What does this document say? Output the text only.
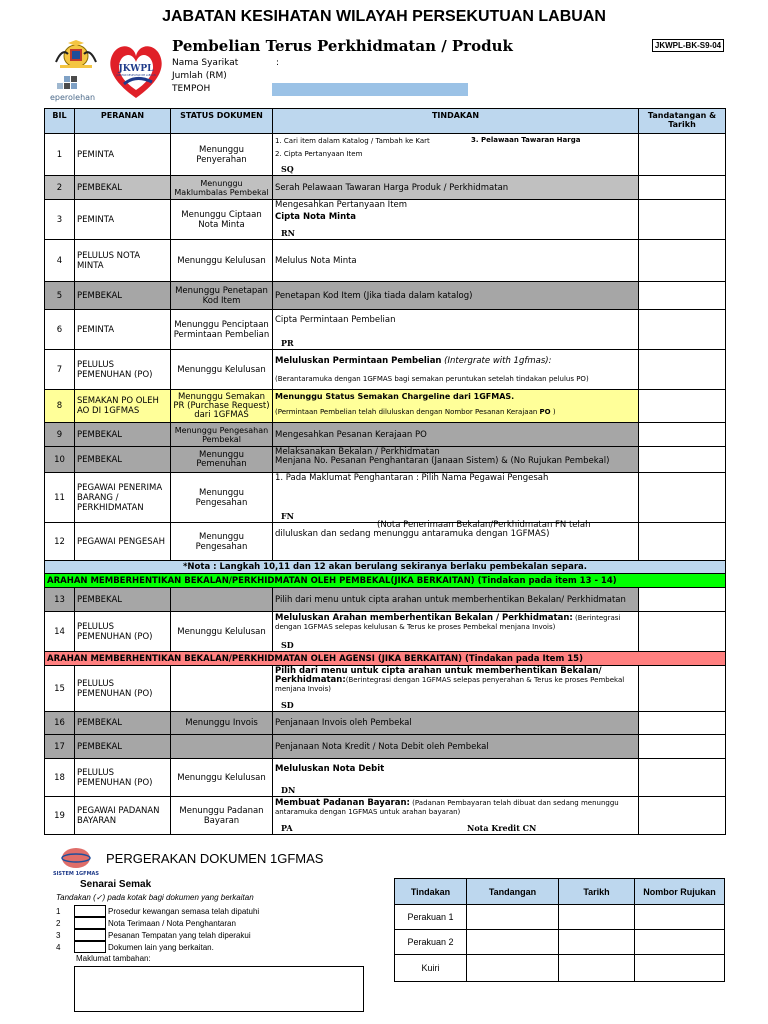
JABATAN KESIHATAN WILAYAH PERSEKUTUAN LABUAN
JKWPL
JABATAN KESIHATAN WP LABUAN
eperolehan
Pembelian Terus Perkhidmatan / Produk	JKWPL-BK-S9-04
Nama Syarikat	:
Jumlah (RM)
TEMPOH
BIL	PERANAN	STATUS DOKUMEN	TINDAKAN	Tandatangan & Tarikh
1	PEMINTA	Menunggu Penyerahan	1. Cari item dalam Katalog / Tambah ke Kart 3. Pelawaan Tawaran Harga
2. Cipta Pertanyaan Item
SQ	

2	PEMBEKAL	Menunggu Maklumbalas Pembekal	Serah Pelawaan Tawaran Harga Produk / Perkhidmatan	
3	PEMINTA	Menunggu Ciptaan Nota Minta	Mengesahkan Pertanyaan Item
Cipta Nota Minta
RN	

4	PELULUS NOTA MINTA	Menunggu Kelulusan	Melulus Nota Minta	
5	PEMBEKAL	Menunggu Penetapan Kod Item	Penetapan Kod Item (Jika tiada dalam katalog)	
6	PEMINTA	Menunggu Penciptaan Permintaan Pembelian	Cipta Permintaan Pembelian
PR	

7	PELULUS PEMENUHAN (PO)	Menunggu Kelulusan	Meluluskan Permintaan Pembelian (Intergrate with 1gfmas):
(Berantaramuka dengan 1GFMAS bagi semakan peruntukan setelah tindakan pelulus PO)	

8	SEMAKAN PO OLEH AO DI 1GFMAS	Menunggu Semakan PR (Purchase Request) dari 1GFMAS	Menunggu Status Semakan Chargeline dari 1GFMAS.
(Permintaan Pembelian telah diluluskan dengan Nombor Pesanan Kerajaan PO )	

9	PEMBEKAL	Menunggu Pengesahan Pembekal	Mengesahkan Pesanan Kerajaan PO	
10	PEMBEKAL	Menunggu Pemenuhan	Melaksanakan Bekalan / Perkhidmatan
Menjana No. Pesanan Penghantaran (Janaan Sistem) & (No Rujukan Pembekal)	

11	PEGAWAI PENERIMA BARANG / PERKHIDMATAN	Menunggu Pengesahan	1. Pada Maklumat Penghantaran : Pilih Nama Pegawai Pengesah
FN	

12	PEGAWAI PENGESAH	Menunggu Pengesahan	(Nota Penerimaan Bekalan/Perkhidmatan FN telah
diluluskan dan sedang menunggu antaramuka dengan 1GFMAS)	

*Nota : Langkah 10,11 dan 12 akan berulang sekiranya berlaku pembekalan separa.				
ARAHAN MEMBERHENTIKAN BEKALAN/PERKHIDMATAN OLEH PEMBEKAL(JIKA BERKAITAN) (Tindakan pada item 13 - 14)				
13	PEMBEKAL		Pilih dari menu untuk cipta arahan untuk memberhentikan Bekalan/ Perkhidmatan	
14	PELULUS PEMENUHAN (PO)	Menunggu Kelulusan	Meluluskan Arahan memberhentikan Bekalan / Perkhidmatan: (Berintegrasi dengan 1GFMAS selepas kelulusan & Terus ke proses Pembekal menjana Invois)
SD	

ARAHAN MEMBERHENTIKAN BEKALAN/PERKHIDMATAN OLEH AGENSI (JIKA BERKAITAN) (Tindakan pada Item 15)				
15	PELULUS PEMENUHAN (PO)		Pilih dari menu untuk cipta arahan untuk memberhentikan Bekalan/ Perkhidmatan:(Berintegrasi dengan 1GFMAS selepas penyerahan & Terus ke proses Pembekal menjana Invois)
SD	

16	PEMBEKAL	Menunggu Invois	Penjanaan Invois oleh Pembekal	
17	PEMBEKAL		Penjanaan Nota Kredit / Nota Debit oleh Pembekal	
18	PELULUS PEMENUHAN (PO)	Menunggu Kelulusan	Meluluskan Nota Debit
DN	

19	PEGAWAI PADANAN BAYARAN	Menunggu Padanan Bayaran	Membuat Padanan Bayaran: (Padanan Pembayaran telah dibuat dan sedang menunggu antaramuka dengan 1GFMAS untuk arahan bayaran)
PA Nota Kredit CN	

SISTEM 1GFMAS
PERGERAKAN DOKUMEN 1GFMAS
Senarai Semak
Tandakan (✓) pada kotak bagi dokumen yang berkaitan
1	Prosedur kewangan semasa telah dipatuhi
2	Nota Terimaan / Nota Penghantaran
3	Pesanan Tempatan yang telah diperakui
4	Dokumen lain yang berkaitan.
Maklumat tambahan:
Tindakan	Tandangan	Tarikh	Nombor Rujukan
Perakuan 1			
Perakuan 2			
Kuiri			
